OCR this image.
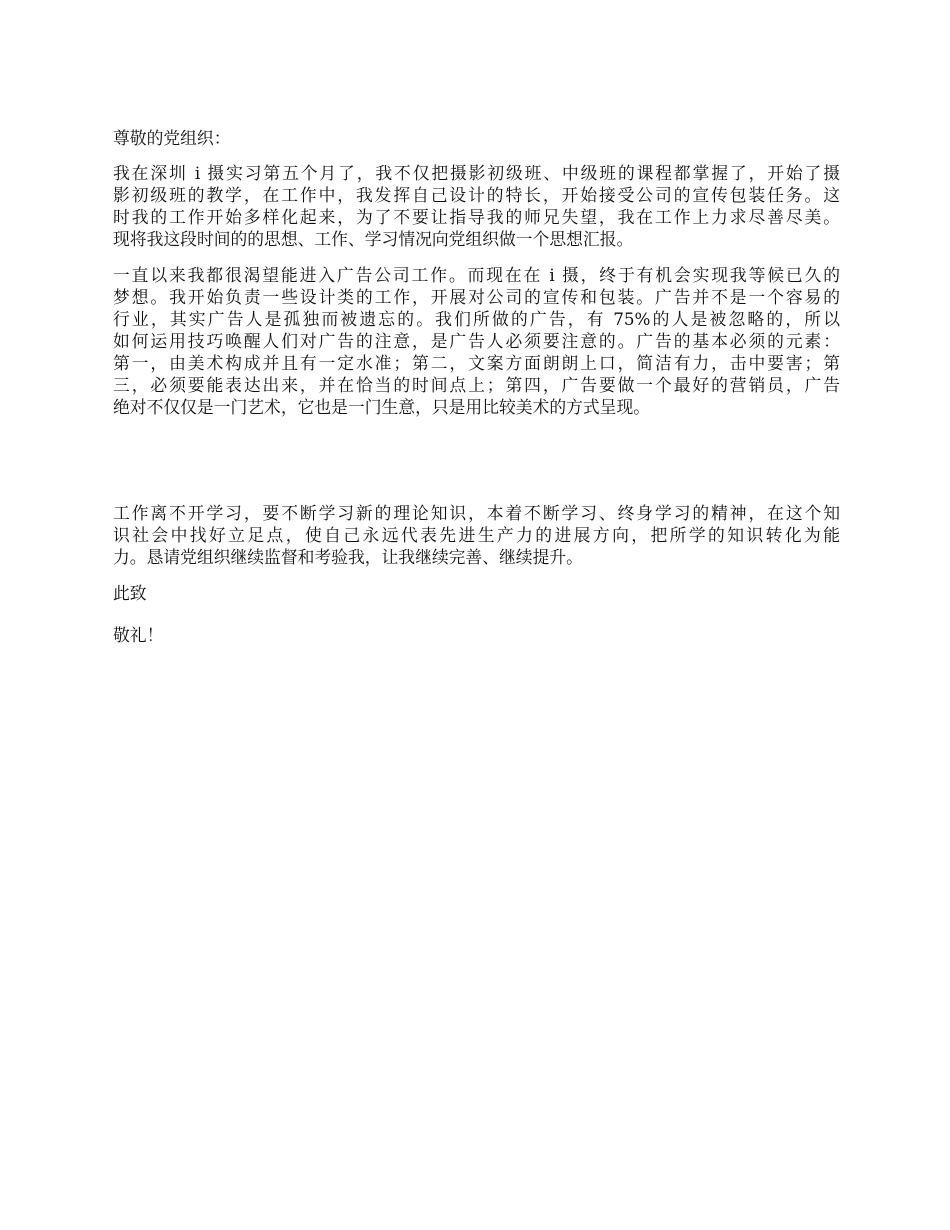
尊敬的党组织：
我在深圳 i 摄实习第五个月了，我不仅把摄影初级班、中级班的课程都掌握了，开始了摄
影初级班的教学，在工作中，我发挥自己设计的特长，开始接受公司的宣传包装任务。这
时我的工作开始多样化起来，为了不要让指导我的师兄失望，我在工作上力求尽善尽美。
现将我这段时间的的思想、工作、学习情况向党组织做一个思想汇报。
一直以来我都很渴望能进入广告公司工作。而现在在 i 摄，终于有机会实现我等候已久的
梦想。我开始负责一些设计类的工作，开展对公司的宣传和包装。广告并不是一个容易的
行业，其实广告人是孤独而被遗忘的。我们所做的广告，有 75%的人是被忽略的，所以
如何运用技巧唤醒人们对广告的注意，是广告人必须要注意的。广告的基本必须的元素：
第一，由美术构成并且有一定水准；第二，文案方面朗朗上口，简洁有力，击中要害；第
三，必须要能表达出来，并在恰当的时间点上；第四，广告要做一个最好的营销员，广告
绝对不仅仅是一门艺术，它也是一门生意，只是用比较美术的方式呈现。
工作离不开学习，要不断学习新的理论知识，本着不断学习、终身学习的精神，在这个知
识社会中找好立足点，使自己永远代表先进生产力的进展方向，把所学的知识转化为能
力。恳请党组织继续监督和考验我，让我继续完善、继续提升。
此致
敬礼！
